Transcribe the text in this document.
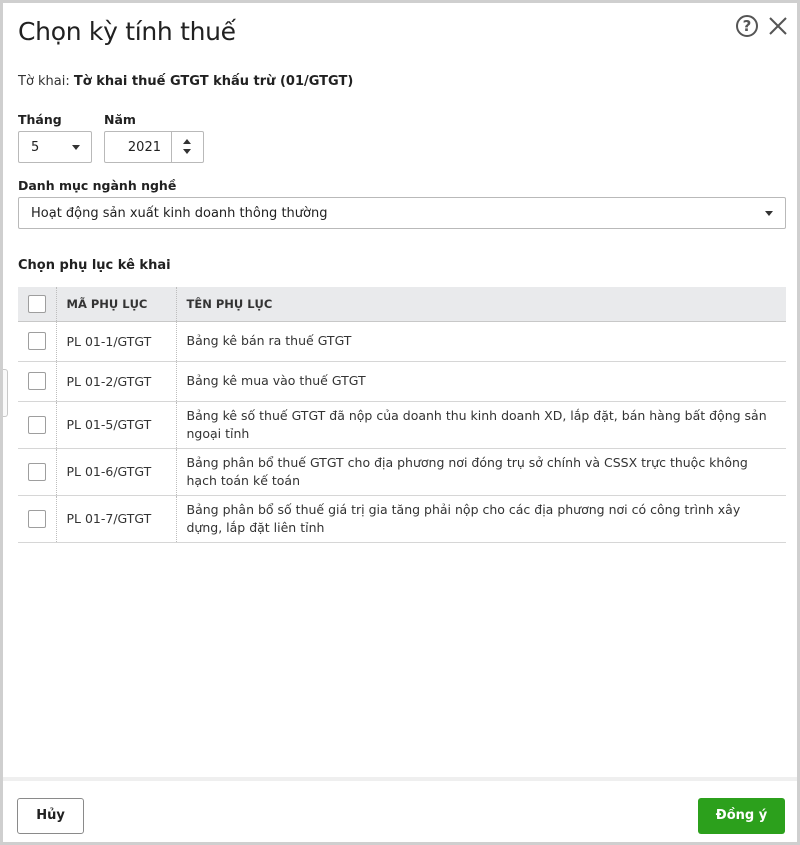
Chọn kỳ tính thuế	?
Tờ khai: Tờ khai thuế GTGT khấu trừ (01/GTGT)
Tháng	Năm
5	2021
Danh mục ngành nghề
Hoạt động sản xuất kinh doanh thông thường
Chọn phụ lục kê khai
	MÃ PHỤ LỤC	TÊN PHỤ LỤC
	PL 01-1/GTGT	Bảng kê bán ra thuế GTGT

	PL 01-2/GTGT	Bảng kê mua vào thuế GTGT

	PL 01-5/GTGT	Bảng kê số thuế GTGT đã nộp của doanh thu kinh doanh XD, lắp đặt, bán hàng bất động sản ngoại tỉnh

	PL 01-6/GTGT	Bảng phân bổ thuế GTGT cho địa phương nơi đóng trụ sở chính và CSSX trực thuộc không hạch toán kế toán

	PL 01-7/GTGT	Bảng phân bổ số thuế giá trị gia tăng phải nộp cho các địa phương nơi có công trình xây dựng, lắp đặt liên tỉnh
Hủy	Đồng ý
